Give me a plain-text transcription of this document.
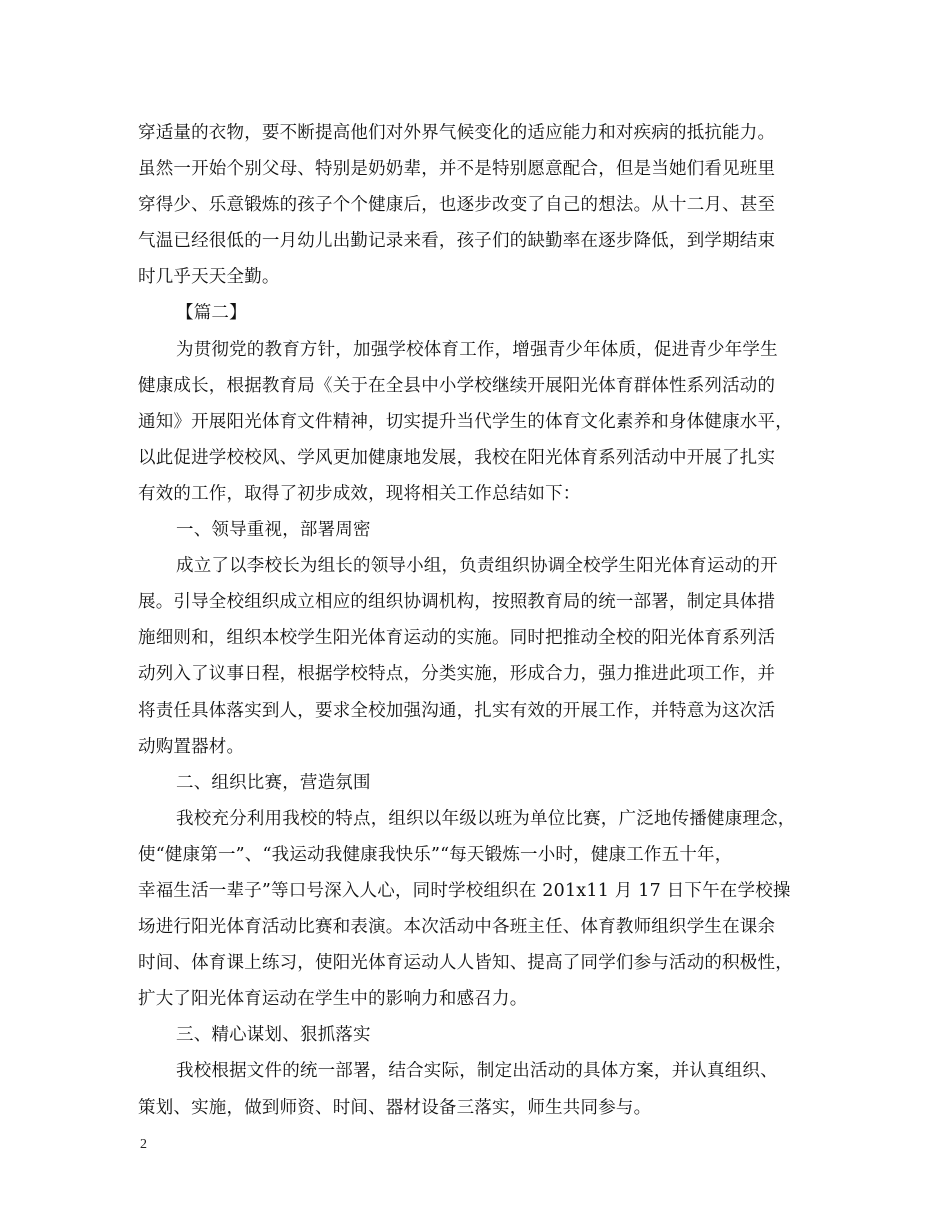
穿适量的衣物，要不断提高他们对外界气候变化的适应能力和对疾病的抵抗能力。
虽然一开始个别父母、特别是奶奶辈，并不是特别愿意配合，但是当她们看见班里
穿得少、乐意锻炼的孩子个个健康后，也逐步改变了自己的想法。从十二月、甚至
气温已经很低的一月幼儿出勤记录来看，孩子们的缺勤率在逐步降低，到学期结束
时几乎天天全勤。
【篇二】
为贯彻党的教育方针，加强学校体育工作，增强青少年体质，促进青少年学生
健康成长，根据教育局《关于在全县中小学校继续开展阳光体育群体性系列活动的
通知》开展阳光体育文件精神，切实提升当代学生的体育文化素养和身体健康水平，
以此促进学校校风、学风更加健康地发展，我校在阳光体育系列活动中开展了扎实
有效的工作，取得了初步成效，现将相关工作总结如下：
一、领导重视，部署周密
成立了以李校长为组长的领导小组，负责组织协调全校学生阳光体育运动的开
展。引导全校组织成立相应的组织协调机构，按照教育局的统一部署，制定具体措
施细则和，组织本校学生阳光体育运动的实施。同时把推动全校的阳光体育系列活
动列入了议事日程，根据学校特点，分类实施，形成合力，强力推进此项工作，并
将责任具体落实到人，要求全校加强沟通，扎实有效的开展工作，并特意为这次活
动购置器材。
二、组织比赛，营造氛围
我校充分利用我校的特点，组织以年级以班为单位比赛，广泛地传播健康理念，
使“健康第一”、“我运动我健康我快乐”“每天锻炼一小时，健康工作五十年，
幸福生活一辈子”等口号深入人心，同时学校组织在 201x11 月 17 日下午在学校操
场进行阳光体育活动比赛和表演。本次活动中各班主任、体育教师组织学生在课余
时间、体育课上练习，使阳光体育运动人人皆知、提高了同学们参与活动的积极性，
扩大了阳光体育运动在学生中的影响力和感召力。
三、精心谋划、狠抓落实
我校根据文件的统一部署，结合实际，制定出活动的具体方案，并认真组织、
策划、实施，做到师资、时间、器材设备三落实，师生共同参与。
2
